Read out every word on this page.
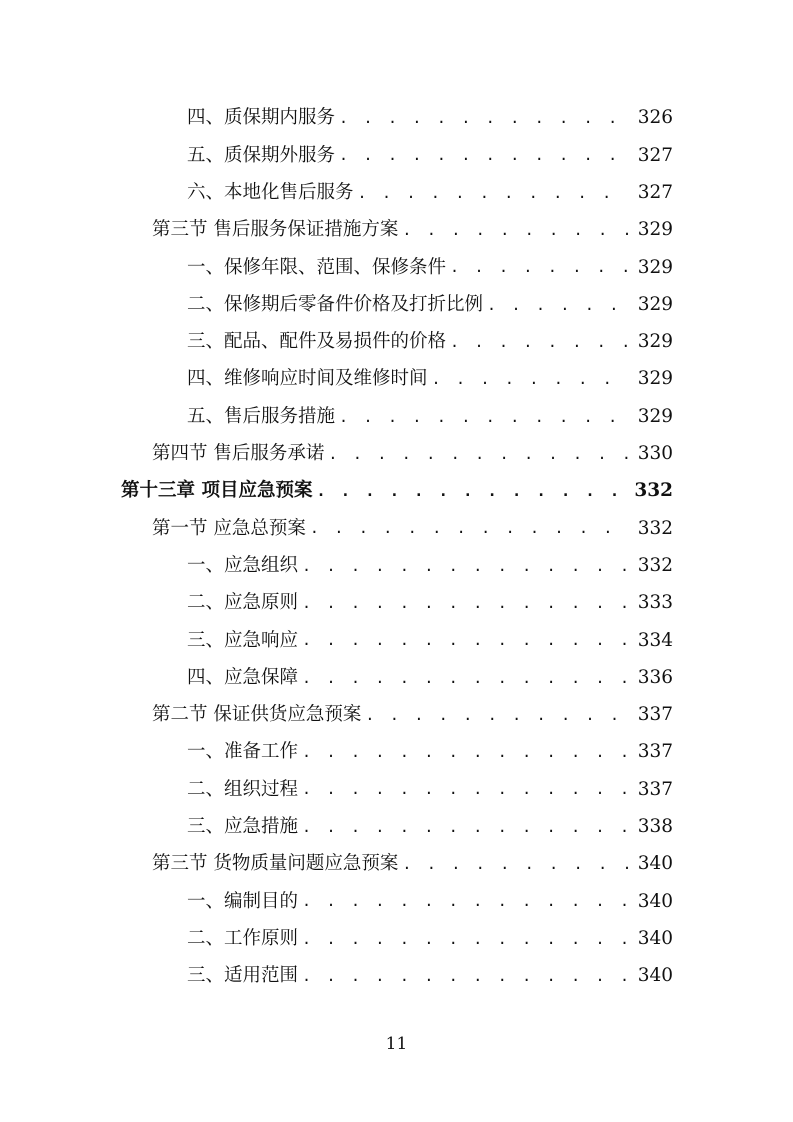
四、质保期内服务 . . .	326
五、质保期外服务 . . .	327
六、本地化售后服务 . . .	327
第三节 售后服务保证措施方案 . . .	329
一、保修年限、范围、保修条件 . . .	329
二、保修期后零备件价格及打折比例 . . .	329
三、配品、配件及易损件的价格 . . .	329
四、维修响应时间及维修时间 . . .	329
五、售后服务措施 . . .	329
第四节 售后服务承诺 . . .	330
第十三章 项目应急预案 . . .	332
第一节 应急总预案 . . .	332
一、应急组织 . . .	332
二、应急原则 . . .	333
三、应急响应 . . .	334
四、应急保障 . . .	336
第二节 保证供货应急预案 . . .	337
一、准备工作 . . .	337
二、组织过程 . . .	337
三、应急措施 . . .	338
第三节 货物质量问题应急预案 . . .	340
一、编制目的 . . .	340
二、工作原则 . . .	340
三、适用范围 . . .	340
11
